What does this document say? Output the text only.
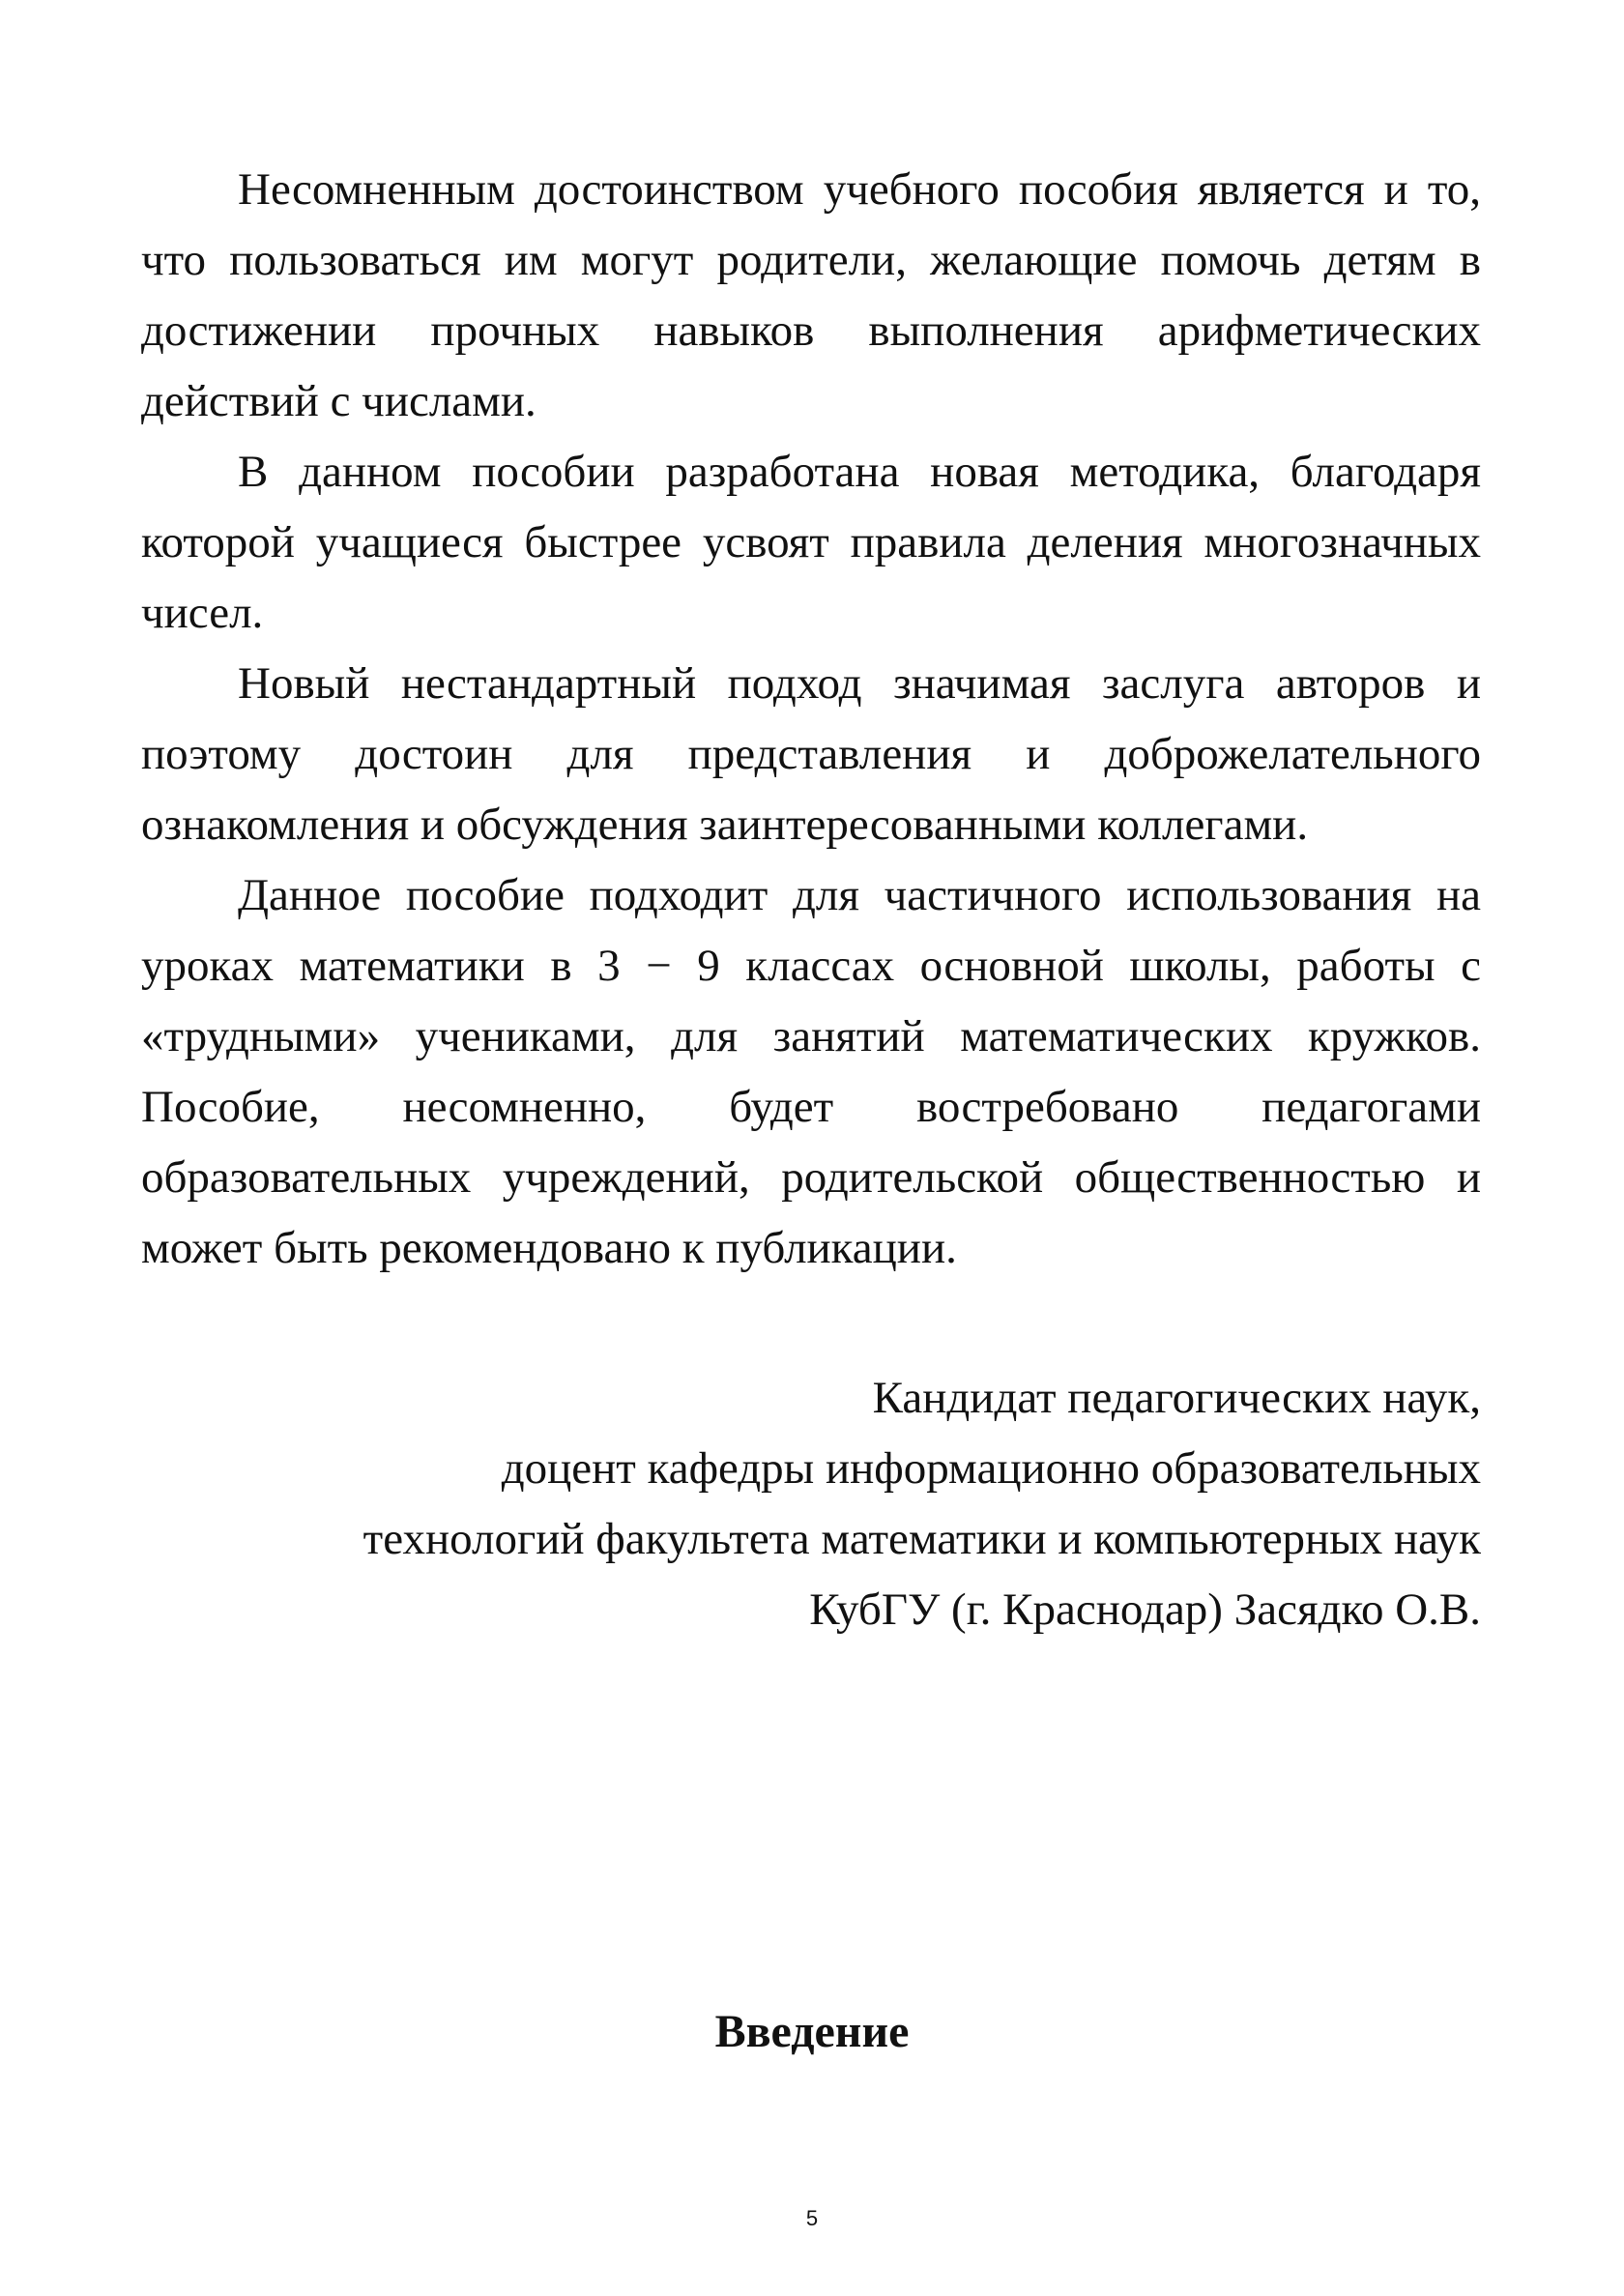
Несомненным достоинством учебного пособия является и то, что пользоваться им могут родители, желающие помочь детям в достижении прочных навыков выполнения арифметических действий с числами.

В данном пособии разработана новая методика, благодаря которой учащиеся быстрее усвоят правила деления многозначных чисел.

Новый нестандартный подход значимая заслуга авторов и поэтому достоин для представления и доброжелательного ознакомления и обсуждения заинтересованными коллегами.

Данное пособие подходит для частичного использования на уроках математики в 3 − 9 классах основной школы, работы с «трудными» учениками, для занятий математических кружков. Пособие, несомненно, будет востребовано педагогами образовательных учреждений, родительской общественностью и может быть рекомендовано к публикации.

Кандидат педагогических наук,
доцент кафедры информационно образовательных
технологий факультета математики и компьютерных наук
КубГУ (г. Краснодар) Засядко О.В.
Введение
5
